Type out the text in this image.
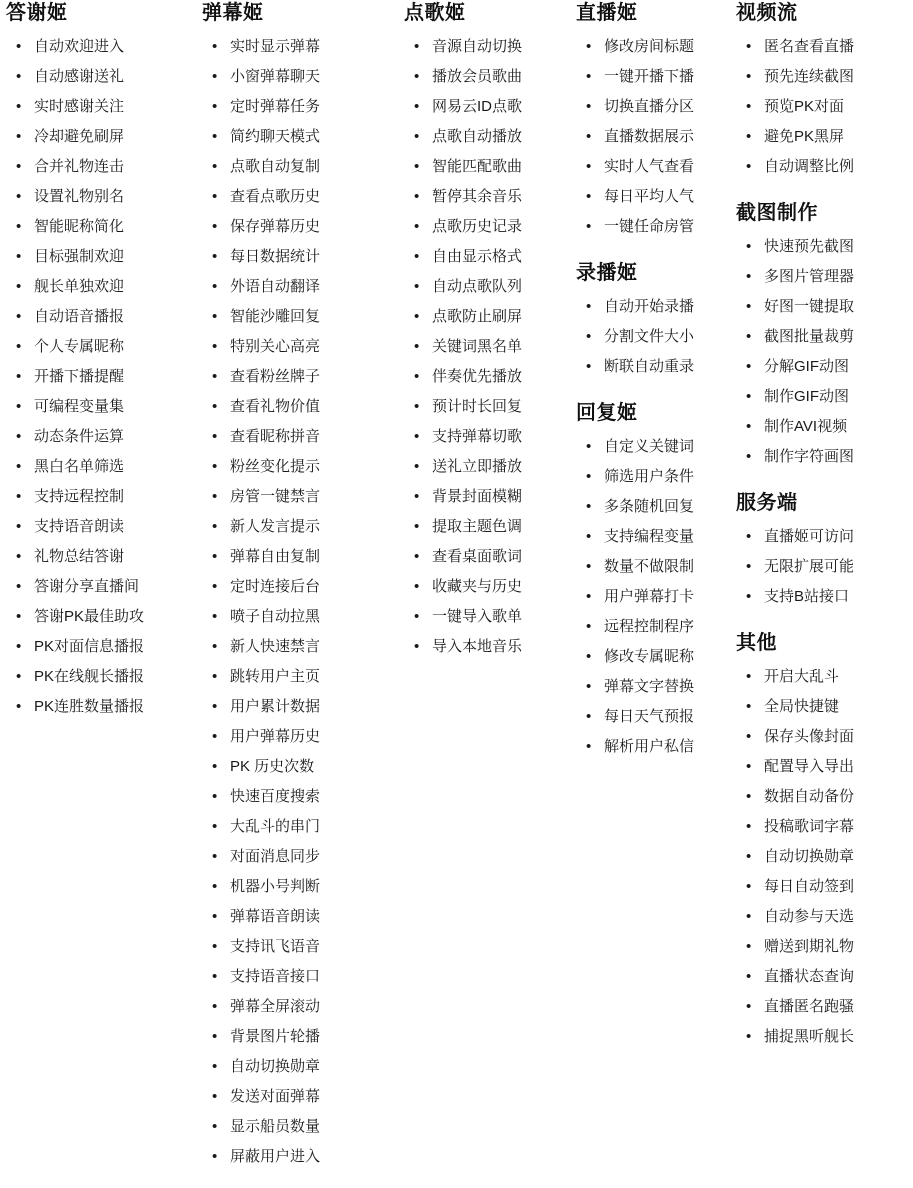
答谢姬
• 自动欢迎进入
• 自动感谢送礼
• 实时感谢关注
• 冷却避免刷屏
• 合并礼物连击
• 设置礼物别名
• 智能昵称简化
• 目标强制欢迎
• 舰长单独欢迎
• 自动语音播报
• 个人专属昵称
• 开播下播提醒
• 可编程变量集
• 动态条件运算
• 黑白名单筛选
• 支持远程控制
• 支持语音朗读
• 礼物总结答谢
• 答谢分享直播间
• 答谢PK最佳助攻
• PK对面信息播报
• PK在线舰长播报
• PK连胜数量播报
弹幕姬
• 实时显示弹幕
• 小窗弹幕聊天
• 定时弹幕任务
• 简约聊天模式
• 点歌自动复制
• 查看点歌历史
• 保存弹幕历史
• 每日数据统计
• 外语自动翻译
• 智能沙雕回复
• 特别关心高亮
• 查看粉丝牌子
• 查看礼物价值
• 查看昵称拼音
• 粉丝变化提示
• 房管一键禁言
• 新人发言提示
• 弹幕自由复制
• 定时连接后台
• 喷子自动拉黑
• 新人快速禁言
• 跳转用户主页
• 用户累计数据
• 用户弹幕历史
• PK 历史次数
• 快速百度搜索
• 大乱斗的串门
• 对面消息同步
• 机器小号判断
• 弹幕语音朗读
• 支持讯飞语音
• 支持语音接口
• 弹幕全屏滚动
• 背景图片轮播
• 自动切换勋章
• 发送对面弹幕
• 显示船员数量
• 屏蔽用户进入
点歌姬
• 音源自动切换
• 播放会员歌曲
• 网易云ID点歌
• 点歌自动播放
• 智能匹配歌曲
• 暂停其余音乐
• 点歌历史记录
• 自由显示格式
• 自动点歌队列
• 点歌防止刷屏
• 关键词黑名单
• 伴奏优先播放
• 预计时长回复
• 支持弹幕切歌
• 送礼立即播放
• 背景封面模糊
• 提取主题色调
• 查看桌面歌词
• 收藏夹与历史
• 一键导入歌单
• 导入本地音乐
直播姬
• 修改房间标题
• 一键开播下播
• 切换直播分区
• 直播数据展示
• 实时人气查看
• 每日平均人气
• 一键任命房管
录播姬
• 自动开始录播
• 分割文件大小
• 断联自动重录
回复姬
• 自定义关键词
• 筛选用户条件
• 多条随机回复
• 支持编程变量
• 数量不做限制
• 用户弹幕打卡
• 远程控制程序
• 修改专属昵称
• 弹幕文字替换
• 每日天气预报
• 解析用户私信
视频流
• 匿名查看直播
• 预先连续截图
• 预览PK对面
• 避免PK黑屏
• 自动调整比例
截图制作
• 快速预先截图
• 多图片管理器
• 好图一键提取
• 截图批量裁剪
• 分解GIF动图
• 制作GIF动图
• 制作AVI视频
• 制作字符画图
服务端
• 直播姬可访问
• 无限扩展可能
• 支持B站接口
其他
• 开启大乱斗
• 全局快捷键
• 保存头像封面
• 配置导入导出
• 数据自动备份
• 投稿歌词字幕
• 自动切换勋章
• 每日自动签到
• 自动参与天选
• 赠送到期礼物
• 直播状态查询
• 直播匿名跑骚
• 捕捉黑听舰长
